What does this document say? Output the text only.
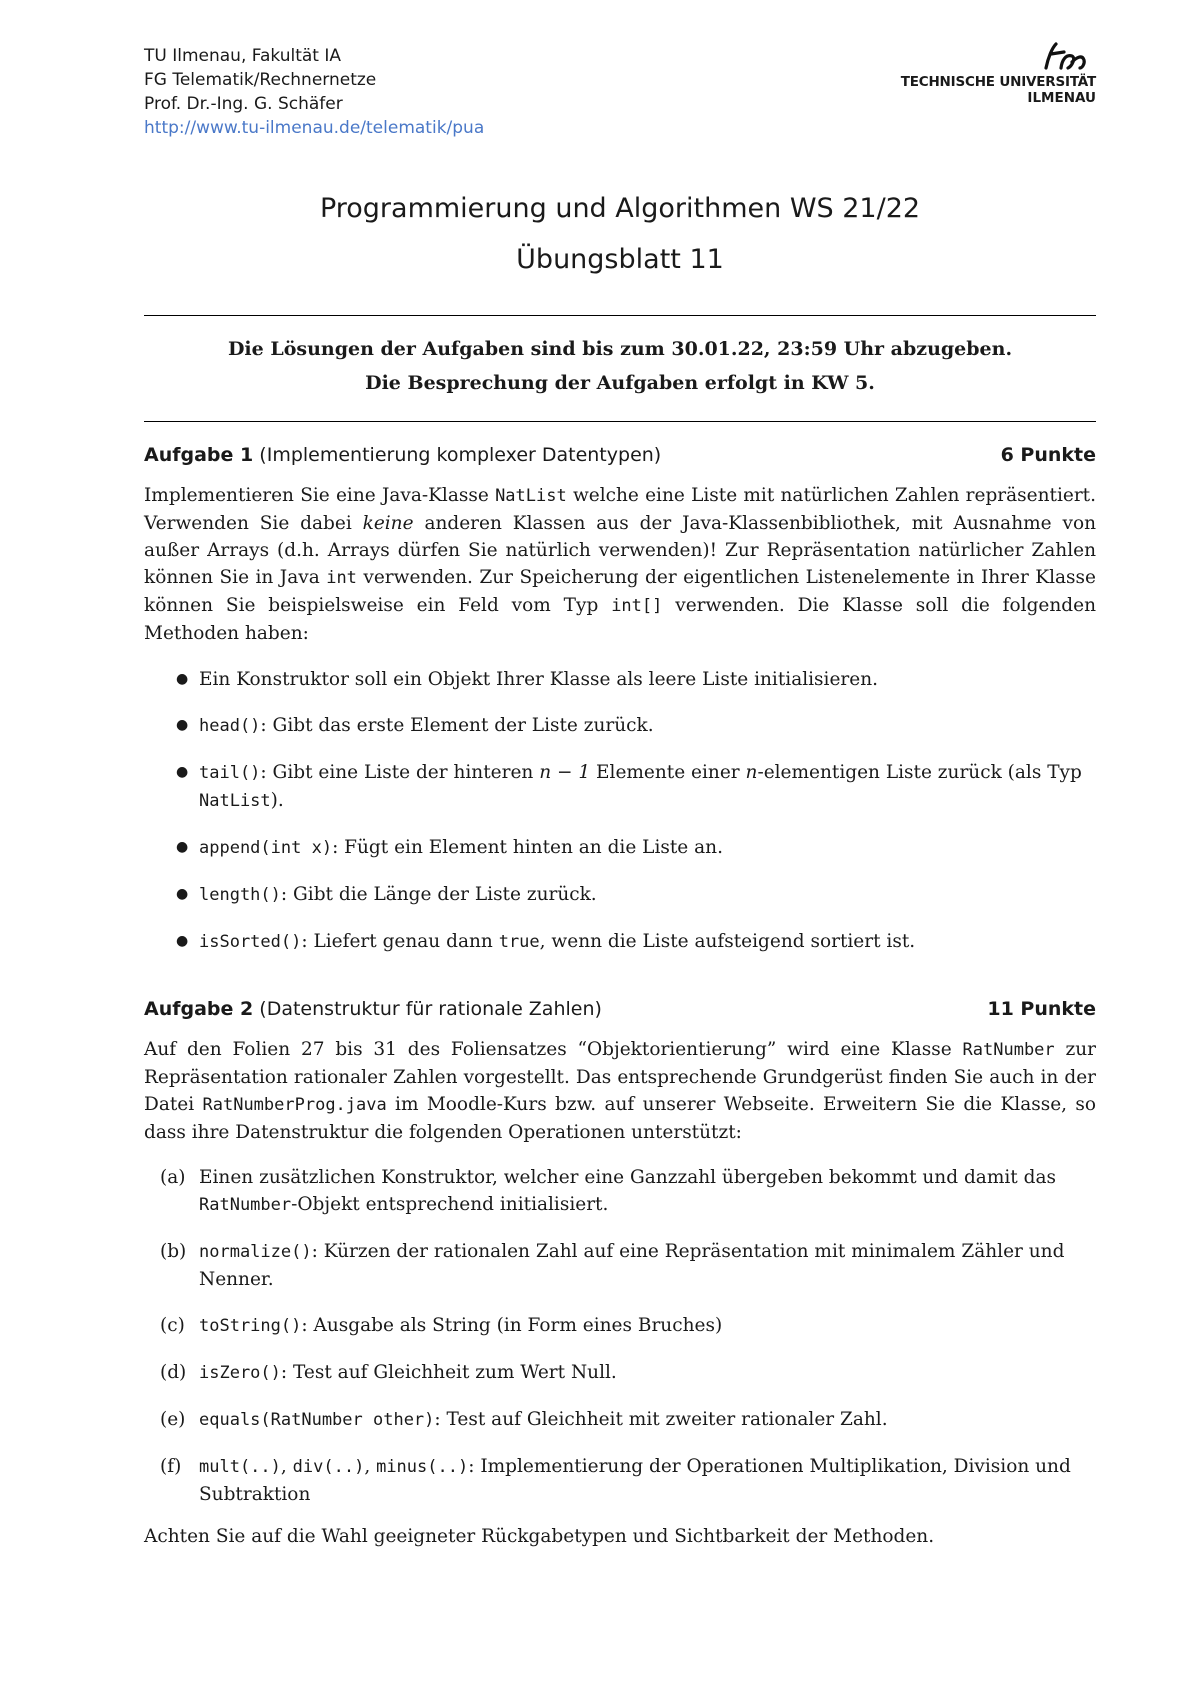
TU Ilmenau, Fakultät IA
FG Telematik/Rechnernetze
Prof. Dr.-Ing. G. Schäfer
http://www.tu-ilmenau.de/telematik/pua
TECHNISCHE UNIVERSITÄT
ILMENAU
Programmierung und Algorithmen WS 21/22
Übungsblatt 11
Die Lösungen der Aufgaben sind bis zum 30.01.22, 23:59 Uhr abzugeben.
Die Besprechung der Aufgaben erfolgt in KW 5.
Aufgabe 1 (Implementierung komplexer Datentypen)	6 Punkte
Implementieren Sie eine Java-Klasse NatList welche eine Liste mit natürlichen Zahlen repräsentiert. Verwenden Sie dabei keine anderen Klassen aus der Java-Klassenbibliothek, mit Ausnahme von außer Arrays (d.h. Arrays dürfen Sie natürlich verwenden)! Zur Repräsentation natürlicher Zahlen können Sie in Java int verwenden. Zur Speicherung der eigentlichen Listenelemente in Ihrer Klasse können Sie beispielsweise ein Feld vom Typ int[] verwenden. Die Klasse soll die folgenden Methoden haben:
● Ein Konstruktor soll ein Objekt Ihrer Klasse als leere Liste initialisieren.
● head(): Gibt das erste Element der Liste zurück.
● tail(): Gibt eine Liste der hinteren n − 1 Elemente einer n-elementigen Liste zurück (als Typ NatList).
● append(int x): Fügt ein Element hinten an die Liste an.
● length(): Gibt die Länge der Liste zurück.
● isSorted(): Liefert genau dann true, wenn die Liste aufsteigend sortiert ist.
Aufgabe 2 (Datenstruktur für rationale Zahlen)	11 Punkte
Auf den Folien 27 bis 31 des Foliensatzes “Objektorientierung” wird eine Klasse RatNumber zur Repräsentation rationaler Zahlen vorgestellt. Das entsprechende Grundgerüst finden Sie auch in der Datei RatNumberProg.java im Moodle-Kurs bzw. auf unserer Webseite. Erweitern Sie die Klasse, so dass ihre Datenstruktur die folgenden Operationen unterstützt:
(a) Einen zusätzlichen Konstruktor, welcher eine Ganzzahl übergeben bekommt und damit das RatNumber-Objekt entsprechend initialisiert.
(b) normalize(): Kürzen der rationalen Zahl auf eine Repräsentation mit minimalem Zähler und Nenner.
(c) toString(): Ausgabe als String (in Form eines Bruches)
(d) isZero(): Test auf Gleichheit zum Wert Null.
(e) equals(RatNumber other): Test auf Gleichheit mit zweiter rationaler Zahl.
(f) mult(..), div(..), minus(..): Implementierung der Operationen Multiplikation, Division und Subtraktion
Achten Sie auf die Wahl geeigneter Rückgabetypen und Sichtbarkeit der Methoden.
